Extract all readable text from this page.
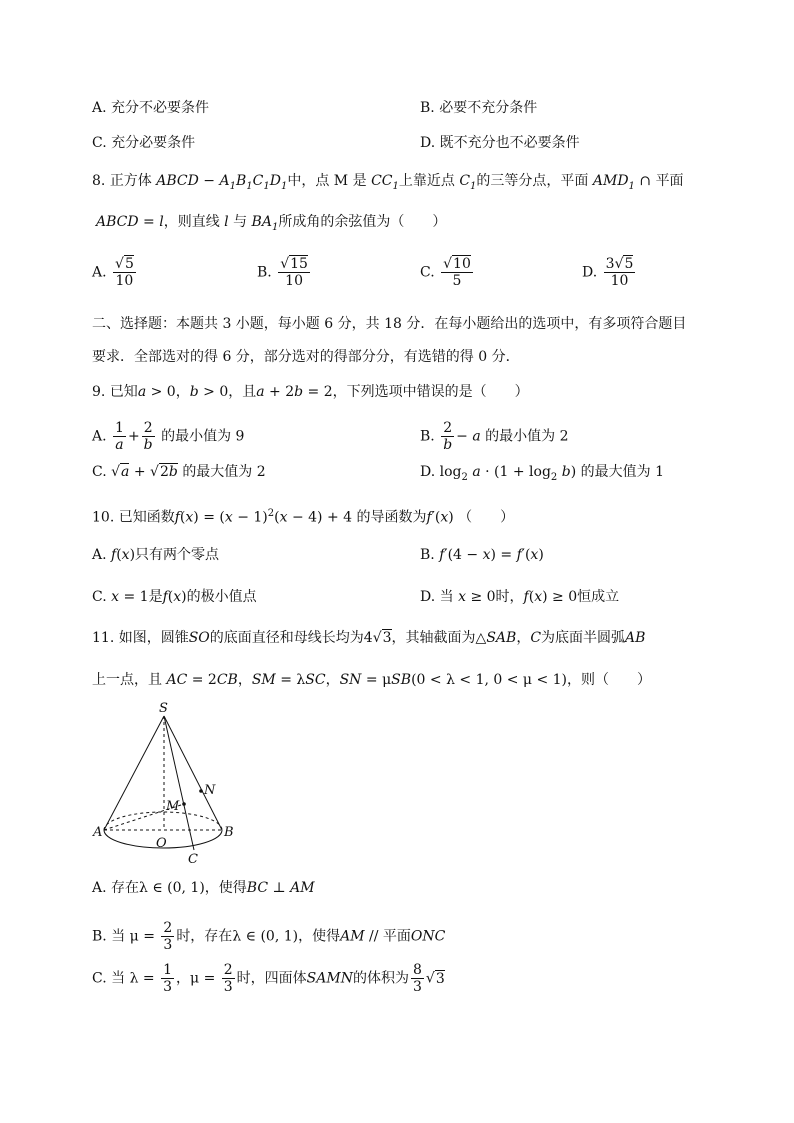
A. 充分不必要条件	B. 必要不充分条件
C. 充分必要条件	D. 既不充分也不必要条件
8. 正方体 ABCD − $A_1B_1C_1D_1$中，点 M 是 $CC_1$上靠近点 $C_1$的三等分点，平面 $AMD_1$ ∩ 平面
ABCD = l，则直线 l 与 $BA_1$所成角的余弦值为（ ）
A. $\frac{√5}{10}$	B. $\frac{√15}{10}$	C. $\frac{√10}{5}$	D. $\frac{3√5}{10}$
二、选择题：本题共 3 小题，每小题 6 分，共 18 分．在每小题给出的选项中，有多项符合题目
要求．全部选对的得 6 分，部分选对的得部分分，有选错的得 0 分．
9. 已知a > 0，b > 0，且a + 2b = 2，下列选项中错误的是（ ）
A. $\frac{1}{a} + \frac{2}{b}$ 的最小值为 9	B. $\frac{2}{b} - a$ 的最小值为 2
C. √a + √2b 的最大值为 2	D. $\log_2 a \cdot (1 + \log_2 b)$ 的最大值为 1
10. 已知函数$f(x) = (x - 1)^2(x - 4) + 4$ 的导函数为f′(x) （ ）
A. f(x)只有两个零点	B. f′(4 − x) = f′(x)
C. x = 1是f(x)的极小值点	D. 当 x ≥ 0时，f(x) ≥ 0恒成立
11. 如图，圆锥SO的底面直径和母线长均为4√3，其轴截面为△SAB，C为底面半圆弧AB
上一点，且 AC = 2CB，SM = λSC，SN = μSB(0 < λ < 1, 0 < μ < 1)，则（ ）
S
A	B
O
C
M
N
A. 存在λ ∈ (0, 1)，使得BC ⊥ AM
B. 当 $\mu = \frac{2}{3}$ 时，存在λ ∈ (0, 1)，使得AM // 平面ONC
C. 当 $\lambda = \frac{1}{3}$ ，$\mu = \frac{2}{3}$ 时，四面体SAMN的体积为 $\frac{8}{3} √3$
